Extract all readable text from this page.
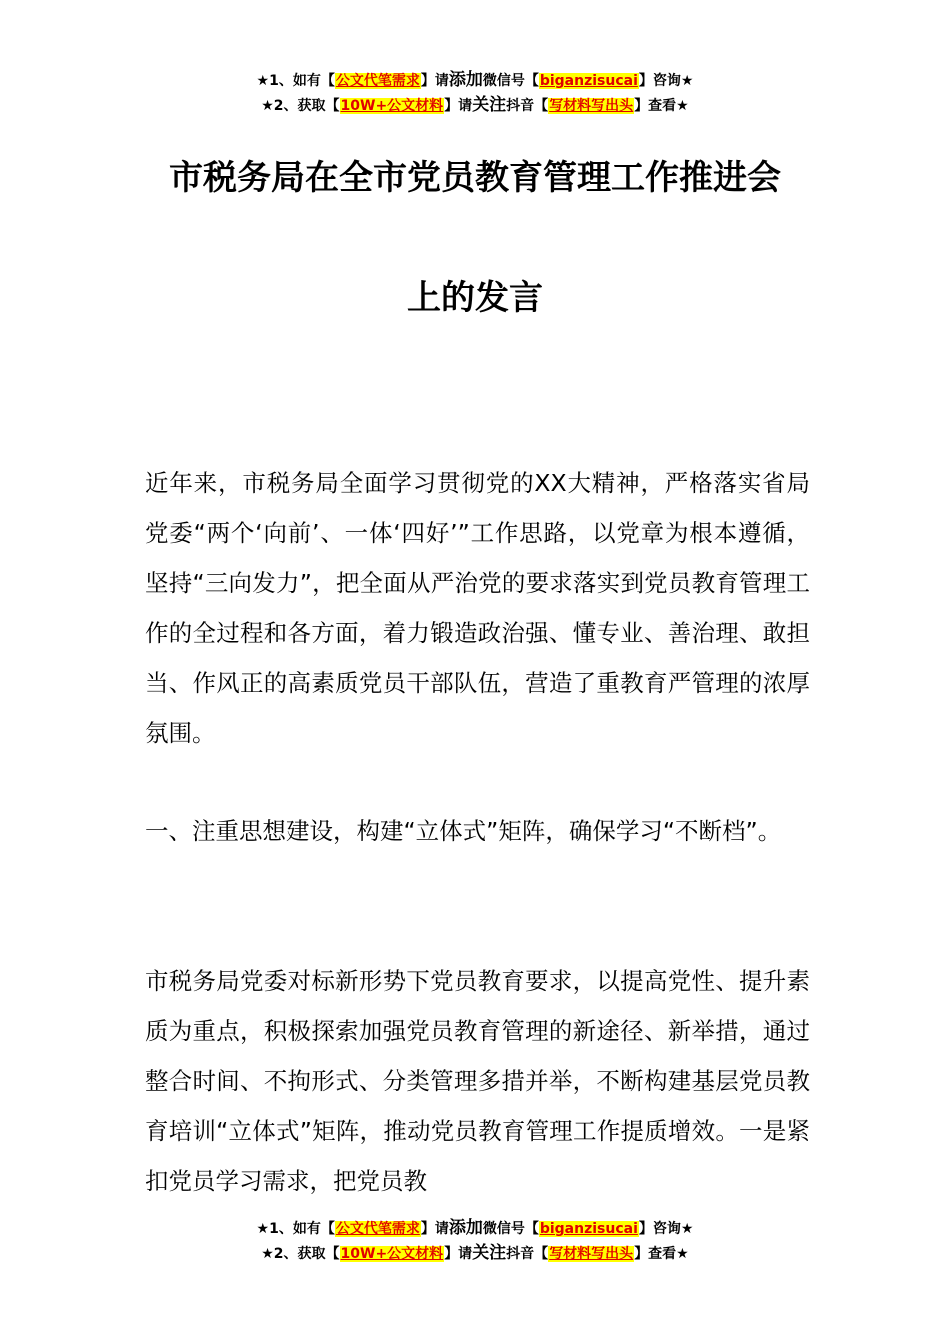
★1、如有【公文代笔需求】请添加微信号【biganzisucai】咨询★
★2、获取【10W+公文材料】请关注抖音【写材料写出头】查看★
市税务局在全市党员教育管理工作推进会
上的发言
近年来，市税务局全面学习贯彻党的XX大精神，严格落实省局党委“两个‘向前’、一体‘四好’”工作思路，以党章为根本遵循，坚持“三向发力”，把全面从严治党的要求落实到党员教育管理工作的全过程和各方面，着力锻造政治强、懂专业、善治理、敢担当、作风正的高素质党员干部队伍，营造了重教育严管理的浓厚氛围。
一、注重思想建设，构建“立体式”矩阵，确保学习“不断档”。
市税务局党委对标新形势下党员教育要求，以提高党性、提升素质为重点，积极探索加强党员教育管理的新途径、新举措，通过整合时间、不拘形式、分类管理多措并举，不断构建基层党员教育培训“立体式”矩阵，推动党员教育管理工作提质增效。一是紧扣党员学习需求，把党员教
★1、如有【公文代笔需求】请添加微信号【biganzisucai】咨询★
★2、获取【10W+公文材料】请关注抖音【写材料写出头】查看★
